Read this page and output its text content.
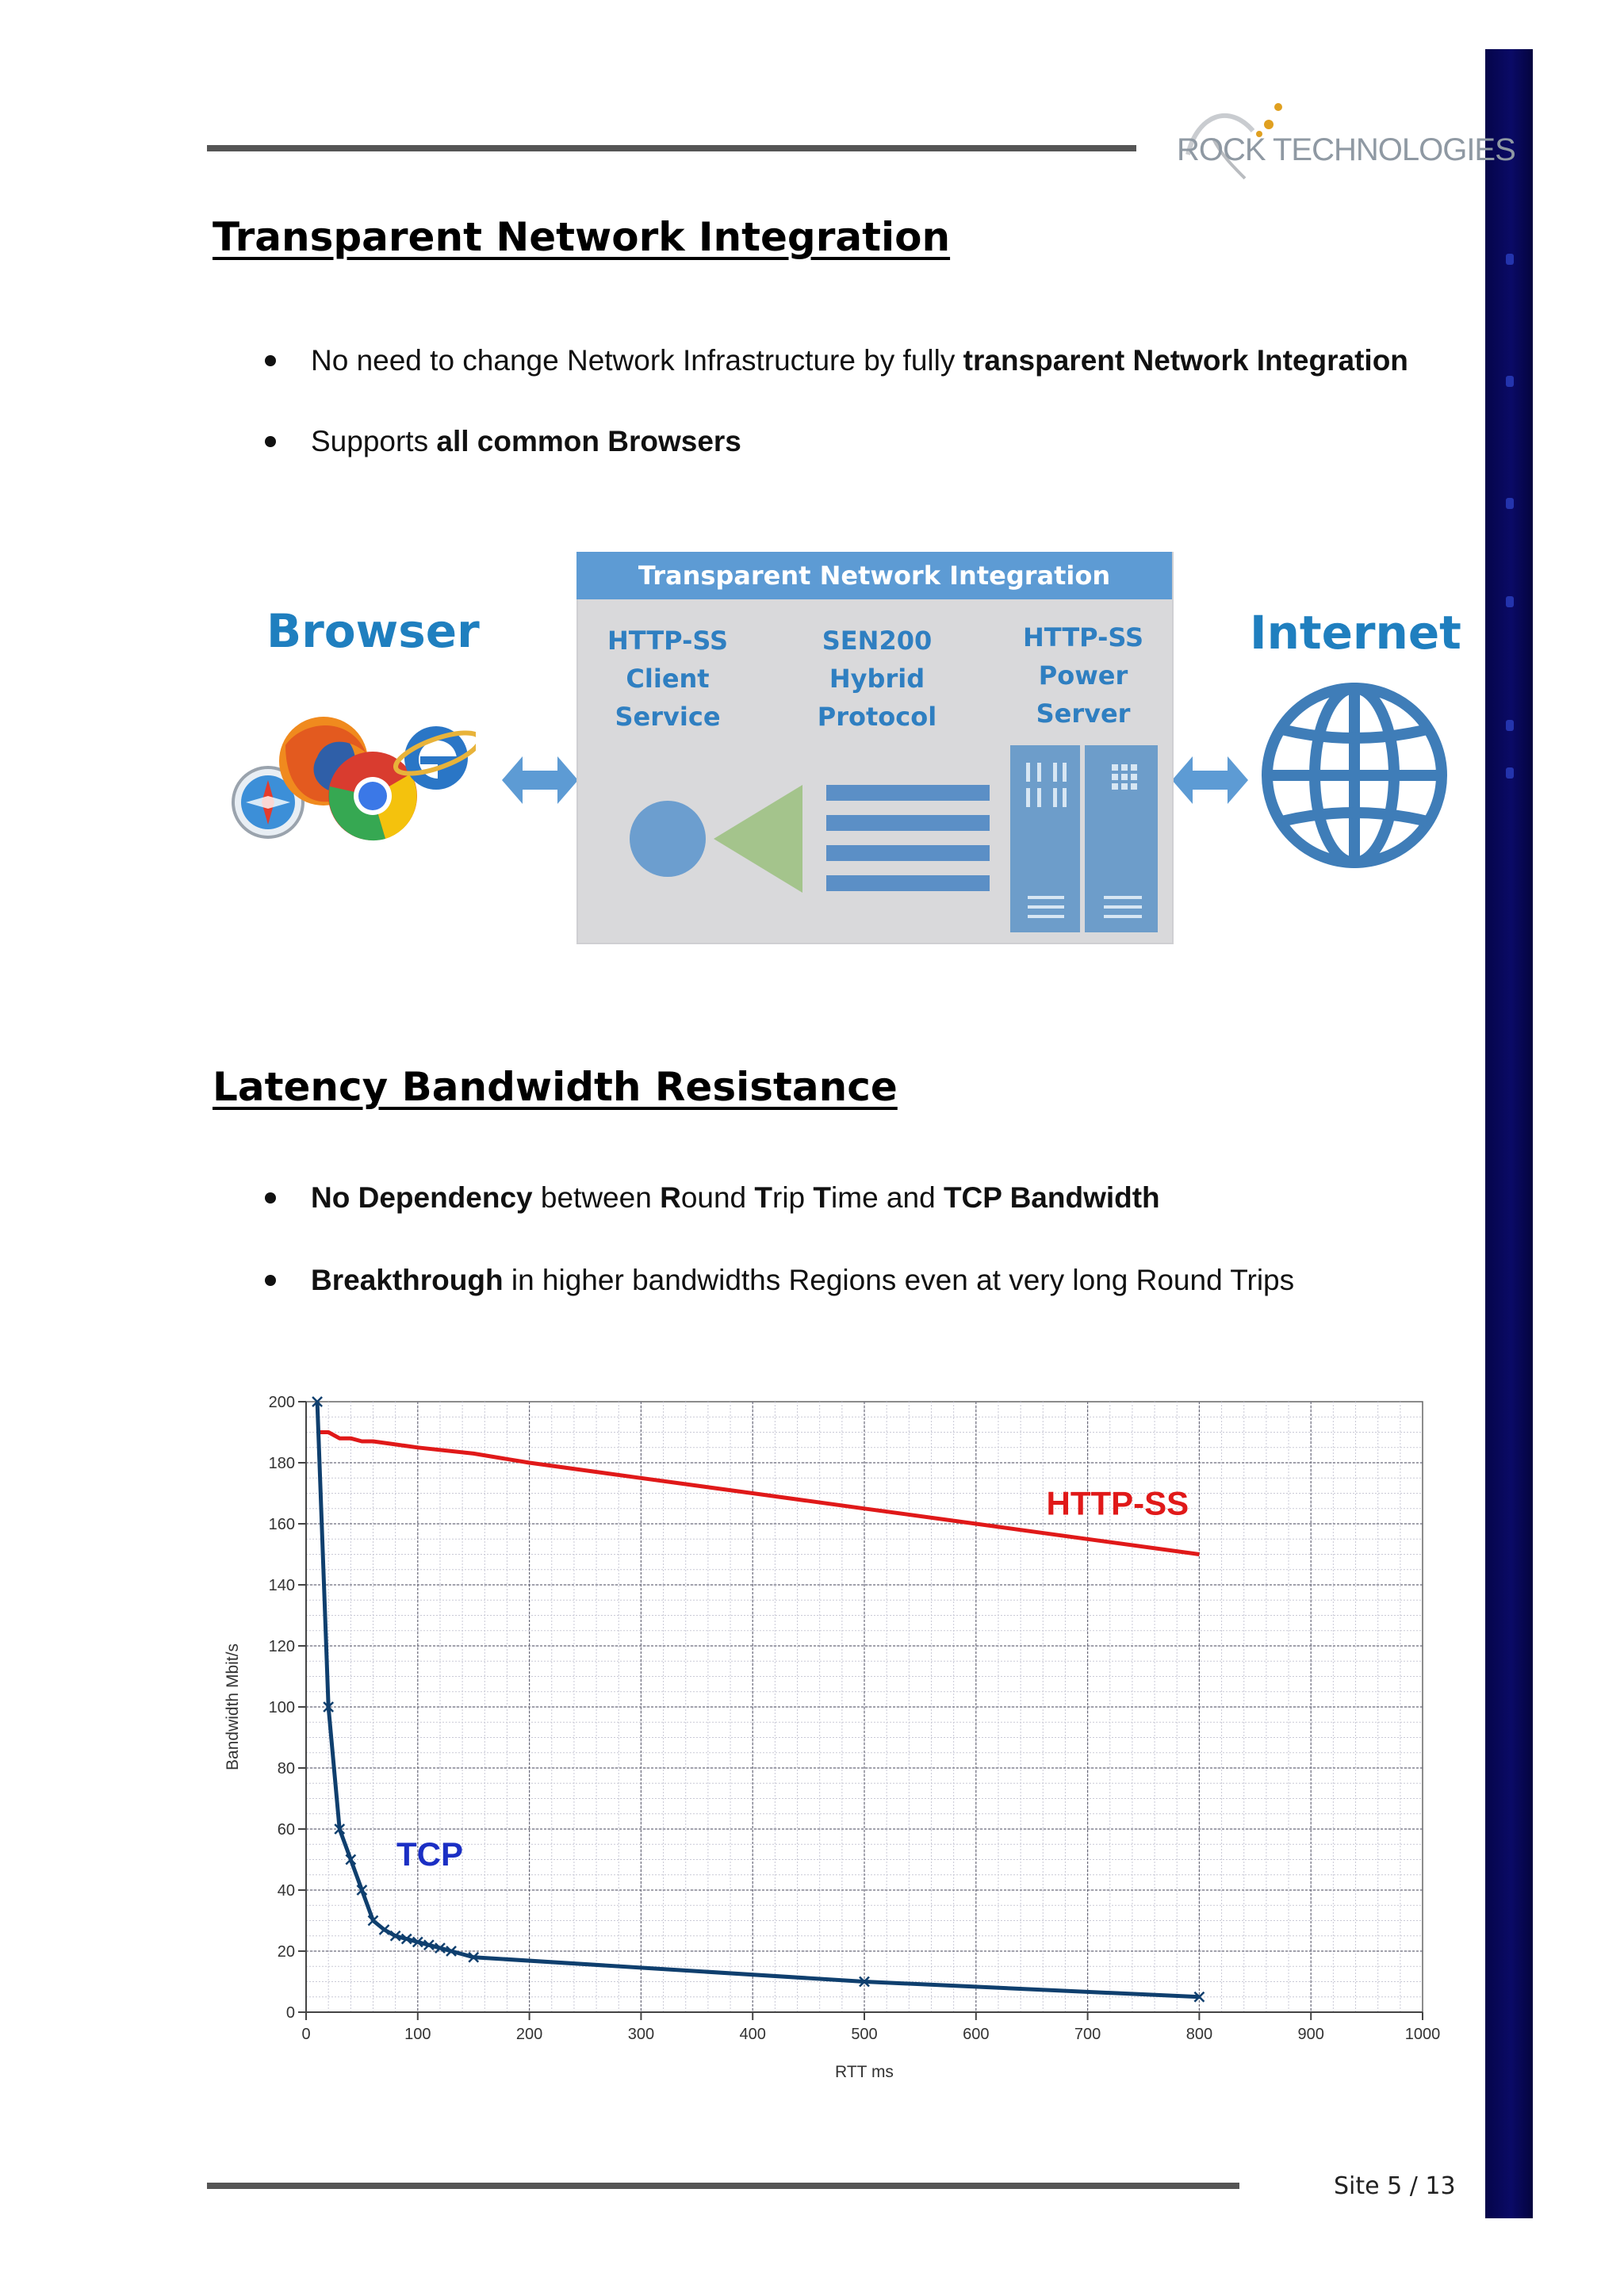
ROCK TECHNOLOGIES
Transparent Network Integration
No need to change Network Infrastructure by fully transparent Network Integration
Supports all common Browsers
Browser	Internet
Transparent Network Integration
HTTP-SS
Client
Service
SEN200
Hybrid
Protocol
HTTP-SS
Power
Server
Latency Bandwidth Resistance
No Dependency between Round Trip Time and TCP Bandwidth
Breakthrough in higher bandwidths Regions even at very long Round Trips
0	100	200	300	400	500	600	700	800	900	1000
0
20
40
60
80
100
120
140
160
180
200
RTT ms
Bandwidth Mbit/s
HTTP-SS
TCP
Site 5 / 13
